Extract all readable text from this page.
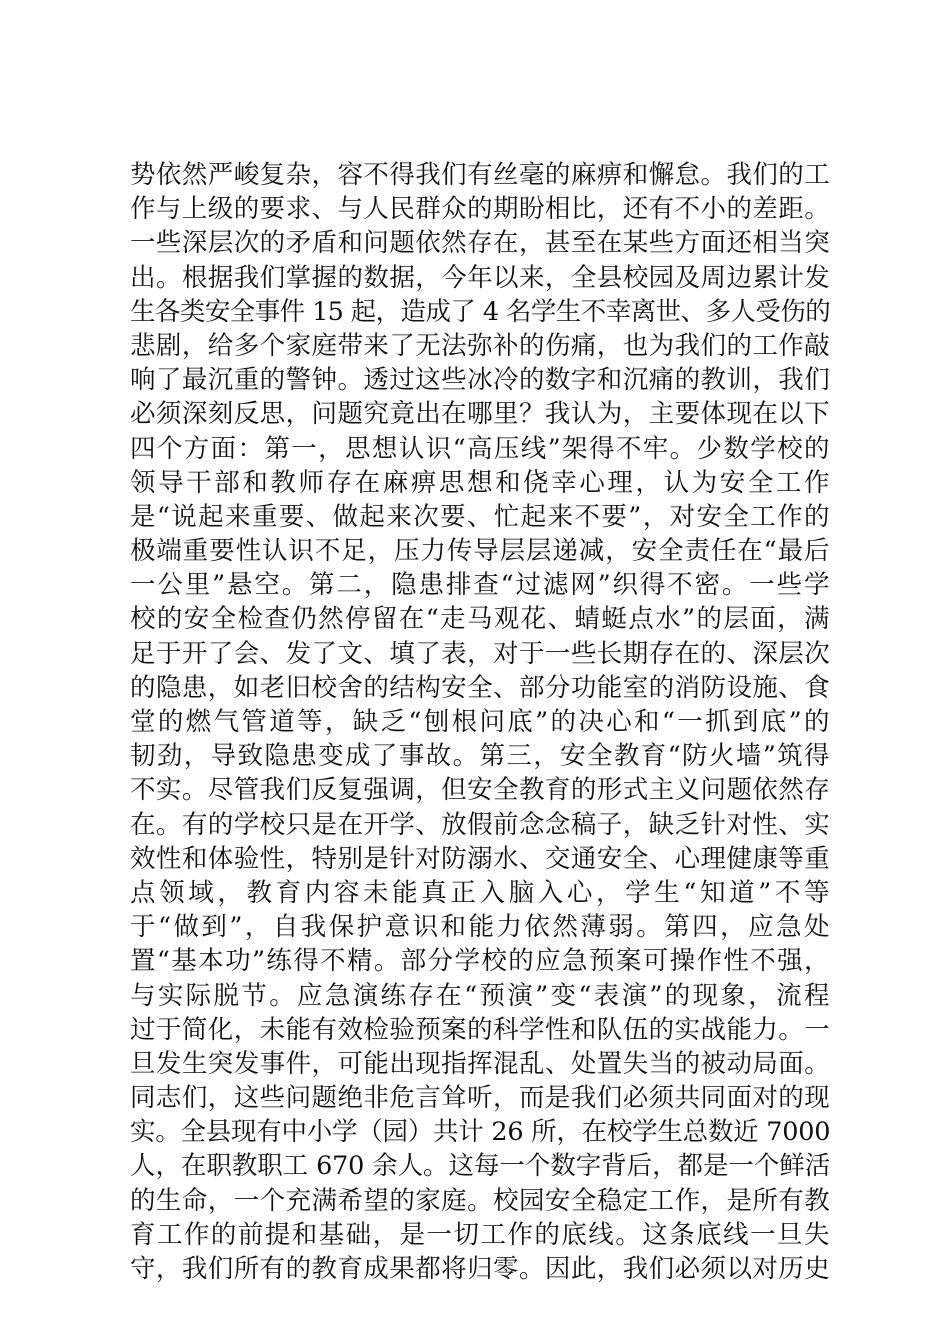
势依然严峻复杂，容不得我们有丝毫的麻痹和懈怠。我们的工
作与上级的要求、与人民群众的期盼相比，还有不小的差距。
一些深层次的矛盾和问题依然存在，甚至在某些方面还相当突
出。根据我们掌握的数据，今年以来，全县校园及周边累计发
生各类安全事件 15 起，造成了 4 名学生不幸离世、多人受伤的
悲剧，给多个家庭带来了无法弥补的伤痛，也为我们的工作敲
响了最沉重的警钟。透过这些冰冷的数字和沉痛的教训，我们
必须深刻反思，问题究竟出在哪里？我认为，主要体现在以下
四个方面：第一，思想认识“高压线”架得不牢。少数学校的
领导干部和教师存在麻痹思想和侥幸心理，认为安全工作
是“说起来重要、做起来次要、忙起来不要”，对安全工作的
极端重要性认识不足，压力传导层层递减，安全责任在“最后
一公里”悬空。第二，隐患排查“过滤网”织得不密。一些学
校的安全检查仍然停留在“走马观花、蜻蜓点水”的层面，满
足于开了会、发了文、填了表，对于一些长期存在的、深层次
的隐患，如老旧校舍的结构安全、部分功能室的消防设施、食
堂的燃气管道等，缺乏“刨根问底”的决心和“一抓到底”的
韧劲，导致隐患变成了事故。第三，安全教育“防火墙”筑得
不实。尽管我们反复强调，但安全教育的形式主义问题依然存
在。有的学校只是在开学、放假前念念稿子，缺乏针对性、实
效性和体验性，特别是针对防溺水、交通安全、心理健康等重
点领域，教育内容未能真正入脑入心，学生“知道”不等
于“做到”，自我保护意识和能力依然薄弱。第四，应急处
置“基本功”练得不精。部分学校的应急预案可操作性不强，
与实际脱节。应急演练存在“预演”变“表演”的现象，流程
过于简化，未能有效检验预案的科学性和队伍的实战能力。一
旦发生突发事件，可能出现指挥混乱、处置失当的被动局面。
同志们，这些问题绝非危言耸听，而是我们必须共同面对的现
实。全县现有中小学（园）共计 26 所，在校学生总数近 7000
人，在职教职工 670 余人。这每一个数字背后，都是一个鲜活
的生命，一个充满希望的家庭。校园安全稳定工作，是所有教
育工作的前提和基础，是一切工作的底线。这条底线一旦失
守，我们所有的教育成果都将归零。因此，我们必须以对历史
